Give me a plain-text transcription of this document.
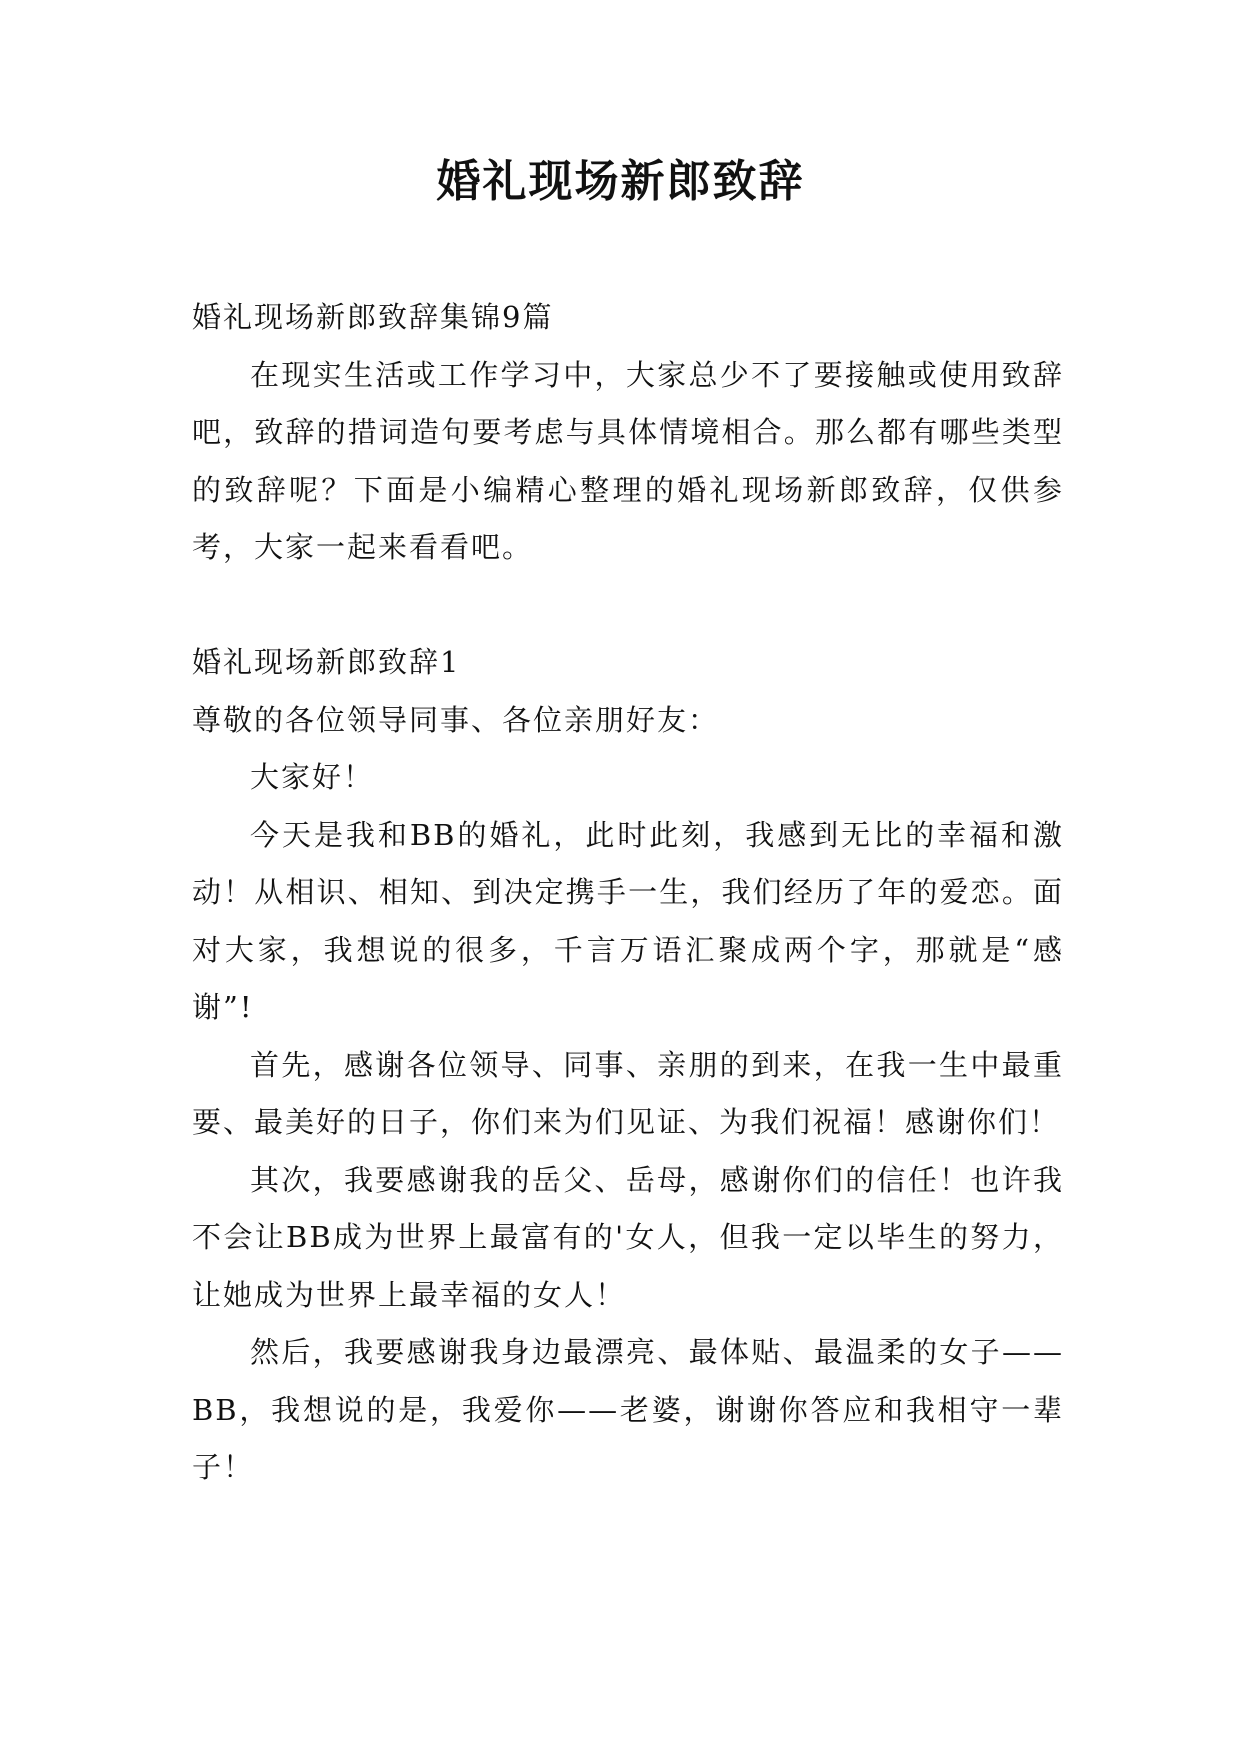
婚礼现场新郎致辞

婚礼现场新郎致辞集锦9篇

在现实生活或工作学习中，大家总少不了要接触或使用致辞吧，致辞的措词造句要考虑与具体情境相合。那么都有哪些类型的致辞呢？下面是小编精心整理的婚礼现场新郎致辞，仅供参考，大家一起来看看吧。

婚礼现场新郎致辞1

尊敬的各位领导同事、各位亲朋好友：

大家好！

今天是我和BB的婚礼，此时此刻，我感到无比的幸福和激动！从相识、相知、到决定携手一生，我们经历了年的爱恋。面对大家，我想说的很多，千言万语汇聚成两个字，那就是“感谢”!

首先，感谢各位领导、同事、亲朋的到来，在我一生中最重要、最美好的日子，你们来为们见证、为我们祝福！感谢你们！

其次，我要感谢我的岳父、岳母，感谢你们的信任！也许我不会让BB成为世界上最富有的'女人，但我一定以毕生的努力，让她成为世界上最幸福的女人！

然后，我要感谢我身边最漂亮、最体贴、最温柔的女子——BB，我想说的是，我爱你——老婆，谢谢你答应和我相守一辈子！
